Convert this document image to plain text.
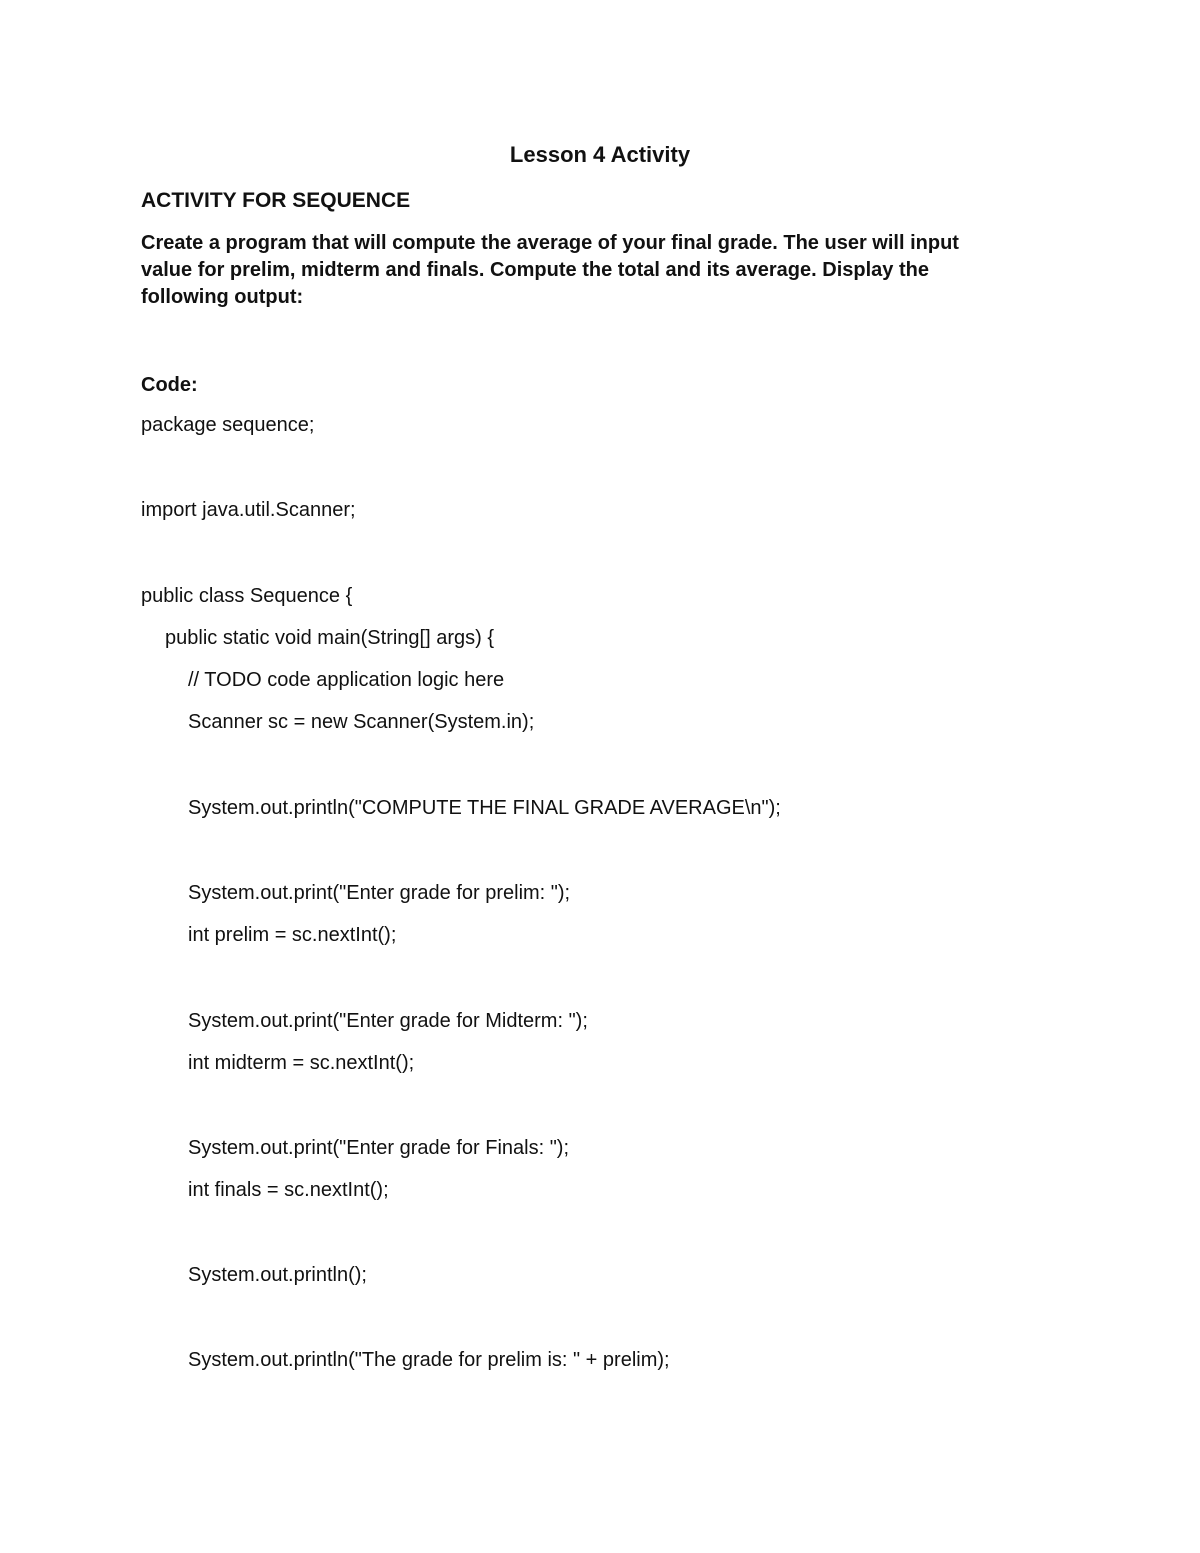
Lesson 4 Activity
ACTIVITY FOR SEQUENCE
Create a program that will compute the average of your final grade. The user will input
value for prelim, midterm and finals. Compute the total and its average. Display the
following output:
Code:
package sequence;
import java.util.Scanner;
public class Sequence {
public static void main(String[] args) {
// TODO code application logic here
Scanner sc = new Scanner(System.in);
System.out.println("COMPUTE THE FINAL GRADE AVERAGE\n");
System.out.print("Enter grade for prelim: ");
int prelim = sc.nextInt();
System.out.print("Enter grade for Midterm: ");
int midterm = sc.nextInt();
System.out.print("Enter grade for Finals: ");
int finals = sc.nextInt();
System.out.println();
System.out.println("The grade for prelim is: " + prelim);
